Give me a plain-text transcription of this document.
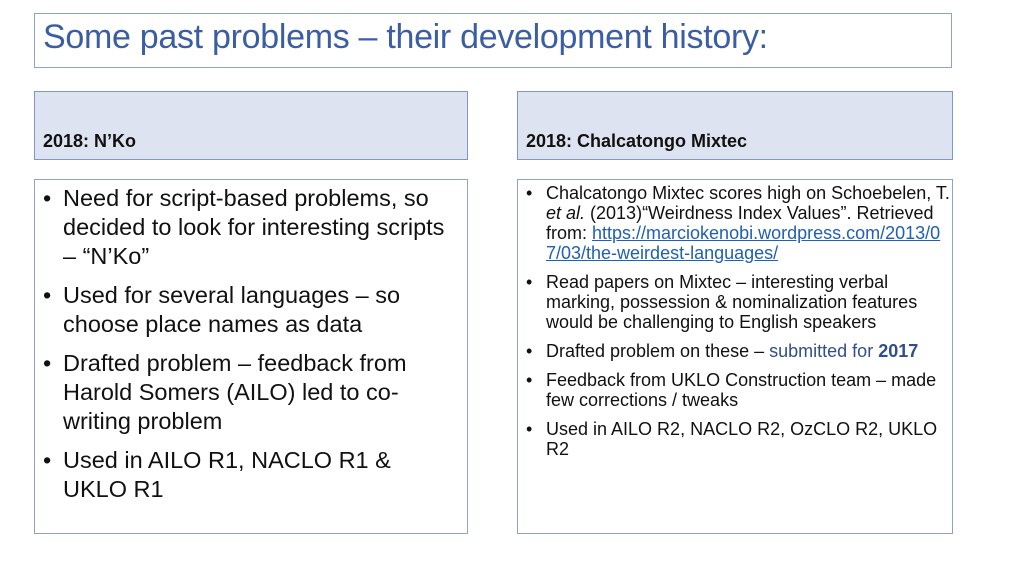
Some past problems – their development history:
2018: N’Ko	2018: Chalcatongo Mixtec
• Need for script-based problems, so decided to look for interesting scripts – “N’Ko”
• Used for several languages – so choose place names as data
• Drafted problem – feedback from Harold Somers (AILO) led to co-writing problem
• Used in AILO R1, NACLO R1 & UKLO R1
• Chalcatongo Mixtec scores high on Schoebelen, T. et al. (2013)“Weirdness Index Values”. Retrieved from: https://marciokenobi.wordpress.com/2013/07/03/the-weirdest-languages/
• Read papers on Mixtec – interesting verbal marking, possession & nominalization features would be challenging to English speakers
• Drafted problem on these – submitted for 2017
• Feedback from UKLO Construction team – made few corrections / tweaks
• Used in AILO R2, NACLO R2, OzCLO R2, UKLO R2
